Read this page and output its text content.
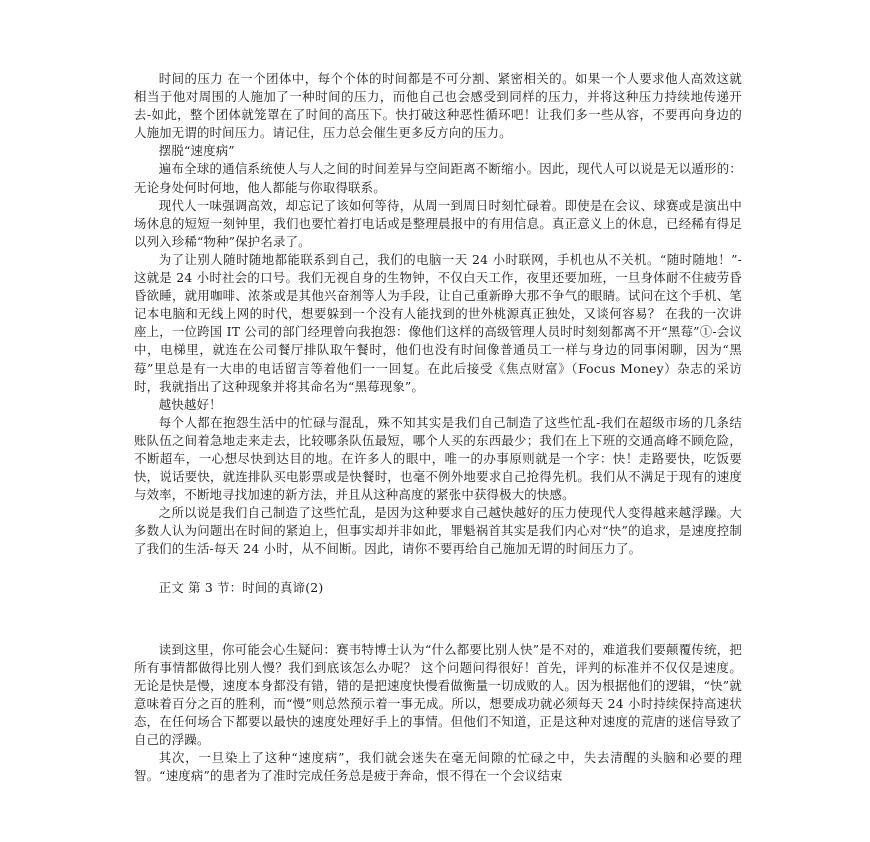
时间的压力 在一个团体中，每个个体的时间都是不可分割、紧密相关的。如果一个人要求他人高效这就相当于他对周围的人施加了一种时间的压力，而他自己也会感受到同样的压力，并将这种压力持续地传递开去-如此，整个团体就笼罩在了时间的高压下。快打破这种恶性循环吧！让我们多一些从容，不要再向身边的人施加无谓的时间压力。请记住，压力总会催生更多反方向的压力。

摆脱“速度病”

遍布全球的通信系统使人与人之间的时间差异与空间距离不断缩小。因此，现代人可以说是无以遁形的：无论身处何时何地，他人都能与你取得联系。

现代人一味强调高效，却忘记了该如何等待，从周一到周日时刻忙碌着。即使是在会议、球赛或是演出中场休息的短短一刻钟里，我们也要忙着打电话或是整理晨报中的有用信息。真正意义上的休息，已经稀有得足以列入珍稀“物种”保护名录了。

为了让别人随时随地都能联系到自己，我们的电脑一天 24 小时联网，手机也从不关机。“随时随地！”-这就是 24 小时社会的口号。我们无视自身的生物钟，不仅白天工作，夜里还要加班，一旦身体耐不住疲劳昏昏欲睡，就用咖啡、浓茶或是其他兴奋剂等人为手段，让自己重新睁大那不争气的眼睛。试问在这个手机、笔记本电脑和无线上网的时代，想要躲到一个没有人能找到的世外桃源真正独处，又谈何容易？ 在我的一次讲座上，一位跨国 IT 公司的部门经理曾向我抱怨：像他们这样的高级管理人员时时刻刻都离不开“黑莓”①-会议中，电梯里，就连在公司餐厅排队取午餐时，他们也没有时间像普通员工一样与身边的同事闲聊，因为“黑莓”里总是有一大串的电话留言等着他们一一回复。在此后接受《焦点财富》（Focus Money）杂志的采访时，我就指出了这种现象并将其命名为“黑莓现象”。

越快越好！

每个人都在抱怨生活中的忙碌与混乱，殊不知其实是我们自己制造了这些忙乱-我们在超级市场的几条结账队伍之间着急地走来走去，比较哪条队伍最短，哪个人买的东西最少；我们在上下班的交通高峰不顾危险，不断超车，一心想尽快到达目的地。在许多人的眼中，唯一的办事原则就是一个字：快！走路要快，吃饭要快，说话要快，就连排队买电影票或是快餐时，也毫不例外地要求自己抢得先机。我们从不满足于现有的速度与效率，不断地寻找加速的新方法，并且从这种高度的紧张中获得极大的快感。

之所以说是我们自己制造了这些忙乱，是因为这种要求自己越快越好的压力使现代人变得越来越浮躁。大多数人认为问题出在时间的紧迫上，但事实却并非如此，罪魁祸首其实是我们内心对“快”的追求，是速度控制了我们的生活-每天 24 小时，从不间断。因此，请你不要再给自己施加无谓的时间压力了。

正文 第 3 节：时间的真谛(2)

读到这里，你可能会心生疑问：赛韦特博士认为“什么都要比别人快”是不对的，难道我们要颠覆传统，把所有事情都做得比别人慢？我们到底该怎么办呢？ 这个问题问得很好！首先，评判的标准并不仅仅是速度。无论是快是慢，速度本身都没有错，错的是把速度快慢看做衡量一切成败的人。因为根据他们的逻辑，“快”就意味着百分之百的胜利，而“慢”则总然预示着一事无成。所以，想要成功就必须每天 24 小时持续保持高速状态，在任何场合下都要以最快的速度处理好手上的事情。但他们不知道，正是这种对速度的荒唐的迷信导致了自己的浮躁。

其次，一旦染上了这种“速度病”，我们就会迷失在毫无间隙的忙碌之中，失去清醒的头脑和必要的理智。“速度病”的患者为了准时完成任务总是疲于奔命，恨不得在一个会议结束
